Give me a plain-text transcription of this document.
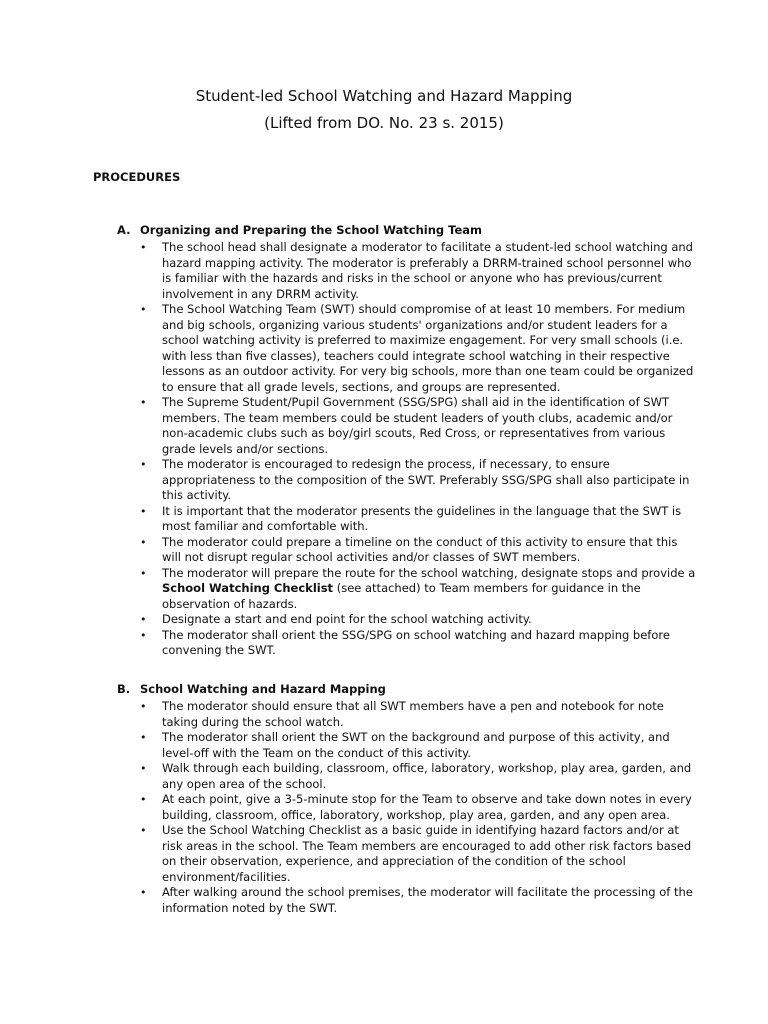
Student-led School Watching and Hazard Mapping
(Lifted from DO. No. 23 s. 2015)
PROCEDURES
A. Organizing and Preparing the School Watching Team
• The school head shall designate a moderator to facilitate a student-led school watching and hazard mapping activity. The moderator is preferably a DRRM-trained school personnel who is familiar with the hazards and risks in the school or anyone who has previous/current involvement in any DRRM activity.
• The School Watching Team (SWT) should compromise of at least 10 members. For medium and big schools, organizing various students' organizations and/or student leaders for a school watching activity is preferred to maximize engagement. For very small schools (i.e. with less than five classes), teachers could integrate school watching in their respective lessons as an outdoor activity. For very big schools, more than one team could be organized to ensure that all grade levels, sections, and groups are represented.
• The Supreme Student/Pupil Government (SSG/SPG) shall aid in the identification of SWT members. The team members could be student leaders of youth clubs, academic and/or non-academic clubs such as boy/girl scouts, Red Cross, or representatives from various grade levels and/or sections.
• The moderator is encouraged to redesign the process, if necessary, to ensure appropriateness to the composition of the SWT. Preferably SSG/SPG shall also participate in this activity.
• It is important that the moderator presents the guidelines in the language that the SWT is most familiar and comfortable with.
• The moderator could prepare a timeline on the conduct of this activity to ensure that this will not disrupt regular school activities and/or classes of SWT members.
• The moderator will prepare the route for the school watching, designate stops and provide a School Watching Checklist (see attached) to Team members for guidance in the observation of hazards.
• Designate a start and end point for the school watching activity.
• The moderator shall orient the SSG/SPG on school watching and hazard mapping before convening the SWT.
B. School Watching and Hazard Mapping
• The moderator should ensure that all SWT members have a pen and notebook for note taking during the school watch.
• The moderator shall orient the SWT on the background and purpose of this activity, and level-off with the Team on the conduct of this activity.
• Walk through each building, classroom, office, laboratory, workshop, play area, garden, and any open area of the school.
• At each point, give a 3-5-minute stop for the Team to observe and take down notes in every building, classroom, office, laboratory, workshop, play area, garden, and any open area.
• Use the School Watching Checklist as a basic guide in identifying hazard factors and/or at risk areas in the school. The Team members are encouraged to add other risk factors based on their observation, experience, and appreciation of the condition of the school environment/facilities.
• After walking around the school premises, the moderator will facilitate the processing of the information noted by the SWT.
